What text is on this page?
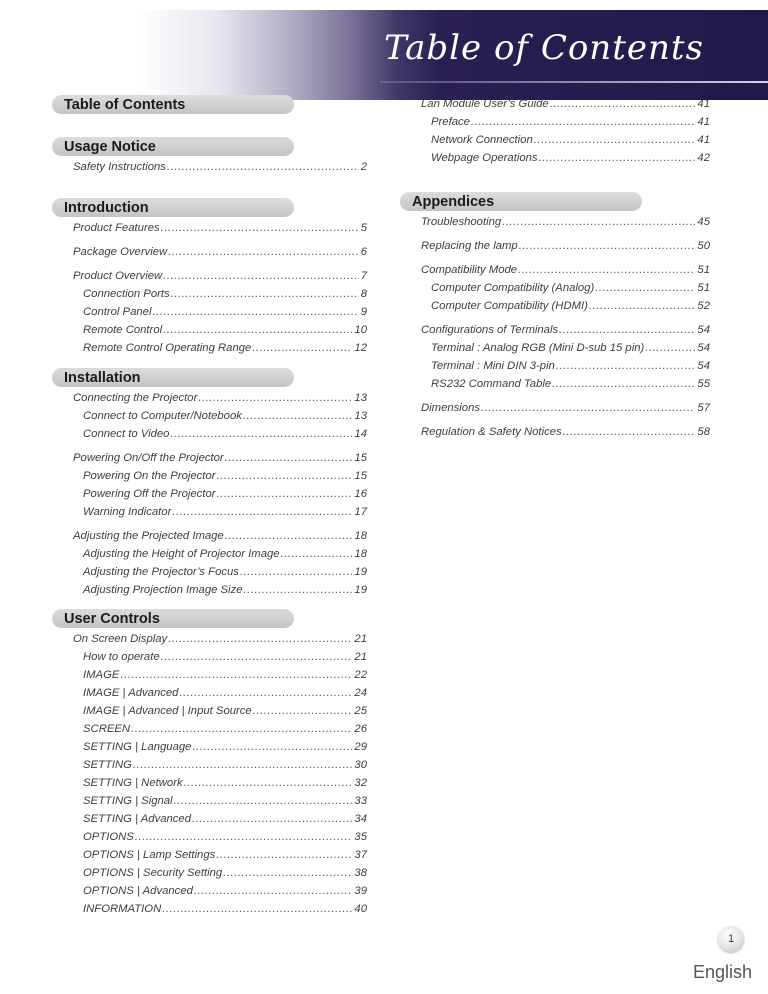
Table of Contents
Table of Contents
Usage Notice
Safety Instructions . . .	2
Introduction
Product Features . . .	5
Package Overview . . .	6
Product Overview . . .	7
Connection Ports . . .	8
Control Panel . . .	9
Remote Control . . .	10
Remote Control Operating Range . . .	12
Installation
Connecting the Projector . . .	13
Connect to Computer/Notebook . . .	13
Connect to Video . . .	14
Powering On/Off the Projector . . .	15
Powering On the Projector . . .	15
Powering Off the Projector . . .	16
Warning Indicator . . .	17
Adjusting the Projected Image . . .	18
Adjusting the Height of Projector Image . . .	18
Adjusting the Projector’s Focus . . .	19
Adjusting Projection Image Size . . .	19
User Controls
On Screen Display . . .	21
How to operate . . .	21
IMAGE . . .	22
IMAGE | Advanced . . .	24
IMAGE | Advanced | Input Source . . .	25
SCREEN . . .	26
SETTING | Language . . .	29
SETTING . . .	30
SETTING | Network . . .	32
SETTING | Signal . . .	33
SETTING | Advanced . . .	34
OPTIONS . . .	35
OPTIONS | Lamp Settings . . .	37
OPTIONS | Security Setting . . .	38
OPTIONS | Advanced . . .	39
INFORMATION . . .	40
Lan Module User’s Guide . . .	41
Preface . . .	41
Network Connection . . .	41
Webpage Operations . . .	42
Appendices
Troubleshooting . . .	45
Replacing the lamp . . .	50
Compatibility Mode . . .	51
Computer Compatibility (Analog) . . .	51
Computer Compatibility (HDMI) . . .	52
Configurations of Terminals . . .	54
Terminal : Analog RGB (Mini D-sub 15 pin) . . .	54
Terminal : Mini DIN 3-pin . . .	54
RS232 Command Table . . .	55
Dimensions . . .	57
Regulation & Safety Notices . . .	58
1
English
